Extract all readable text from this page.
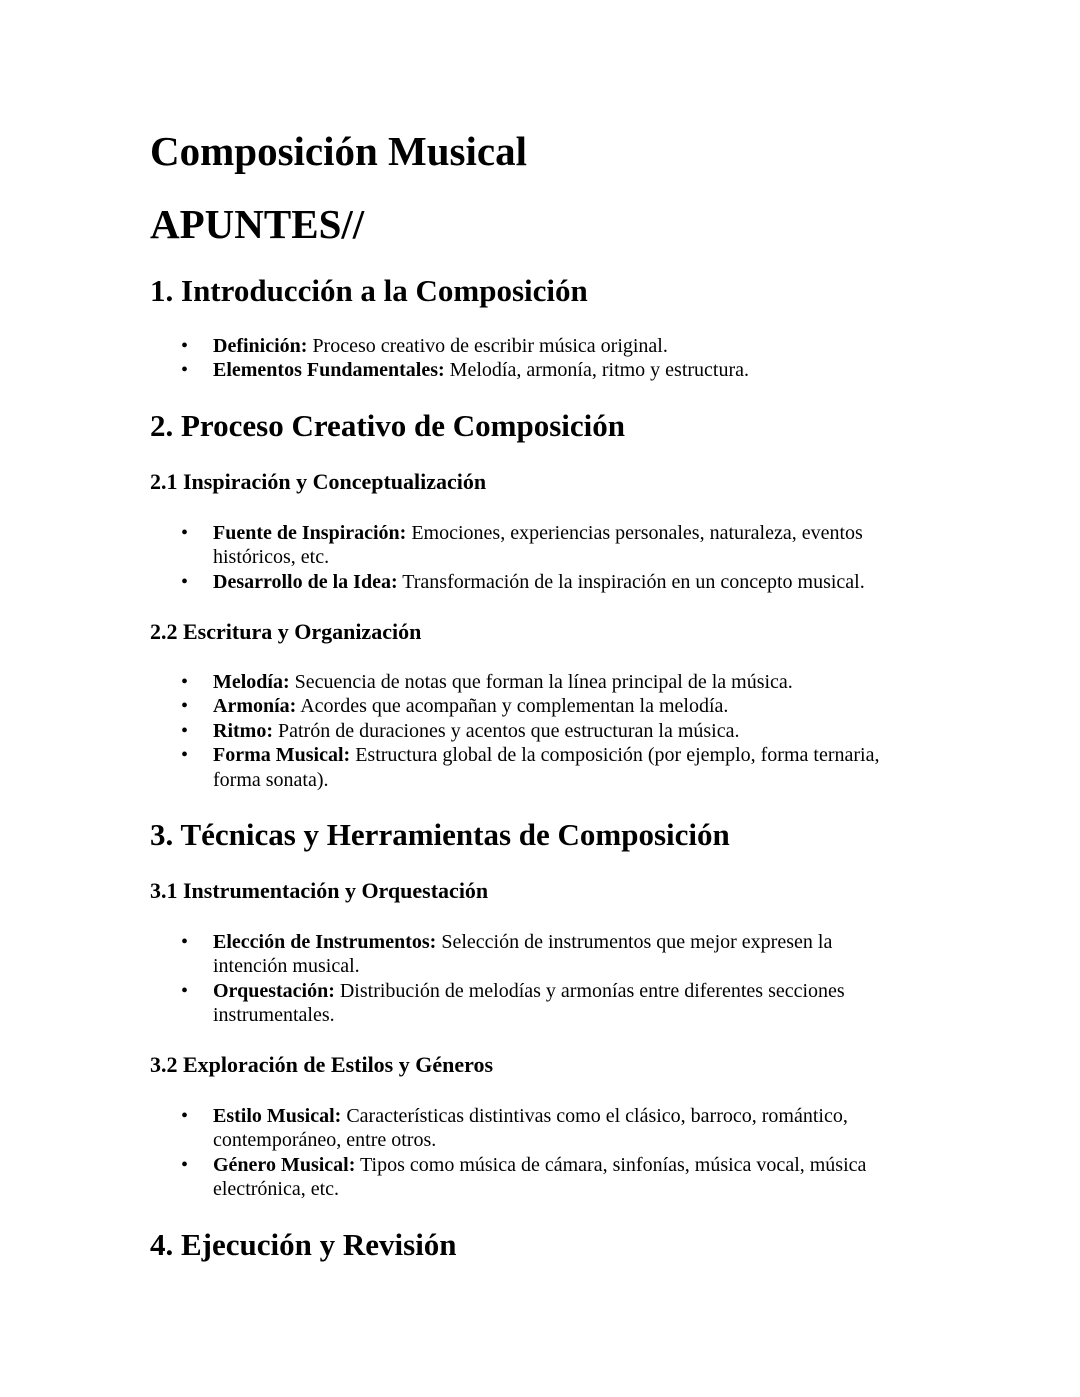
Composición Musical
APUNTES//
1. Introducción a la Composición
• Definición: Proceso creativo de escribir música original.
• Elementos Fundamentales: Melodía, armonía, ritmo y estructura.
2. Proceso Creativo de Composición
2.1 Inspiración y Conceptualización
• Fuente de Inspiración: Emociones, experiencias personales, naturaleza, eventos
históricos, etc.
• Desarrollo de la Idea: Transformación de la inspiración en un concepto musical.
2.2 Escritura y Organización
• Melodía: Secuencia de notas que forman la línea principal de la música.
• Armonía: Acordes que acompañan y complementan la melodía.
• Ritmo: Patrón de duraciones y acentos que estructuran la música.
• Forma Musical: Estructura global de la composición (por ejemplo, forma ternaria,
forma sonata).
3. Técnicas y Herramientas de Composición
3.1 Instrumentación y Orquestación
• Elección de Instrumentos: Selección de instrumentos que mejor expresen la
intención musical.
• Orquestación: Distribución de melodías y armonías entre diferentes secciones
instrumentales.
3.2 Exploración de Estilos y Géneros
• Estilo Musical: Características distintivas como el clásico, barroco, romántico,
contemporáneo, entre otros.
• Género Musical: Tipos como música de cámara, sinfonías, música vocal, música
electrónica, etc.
4. Ejecución y Revisión
